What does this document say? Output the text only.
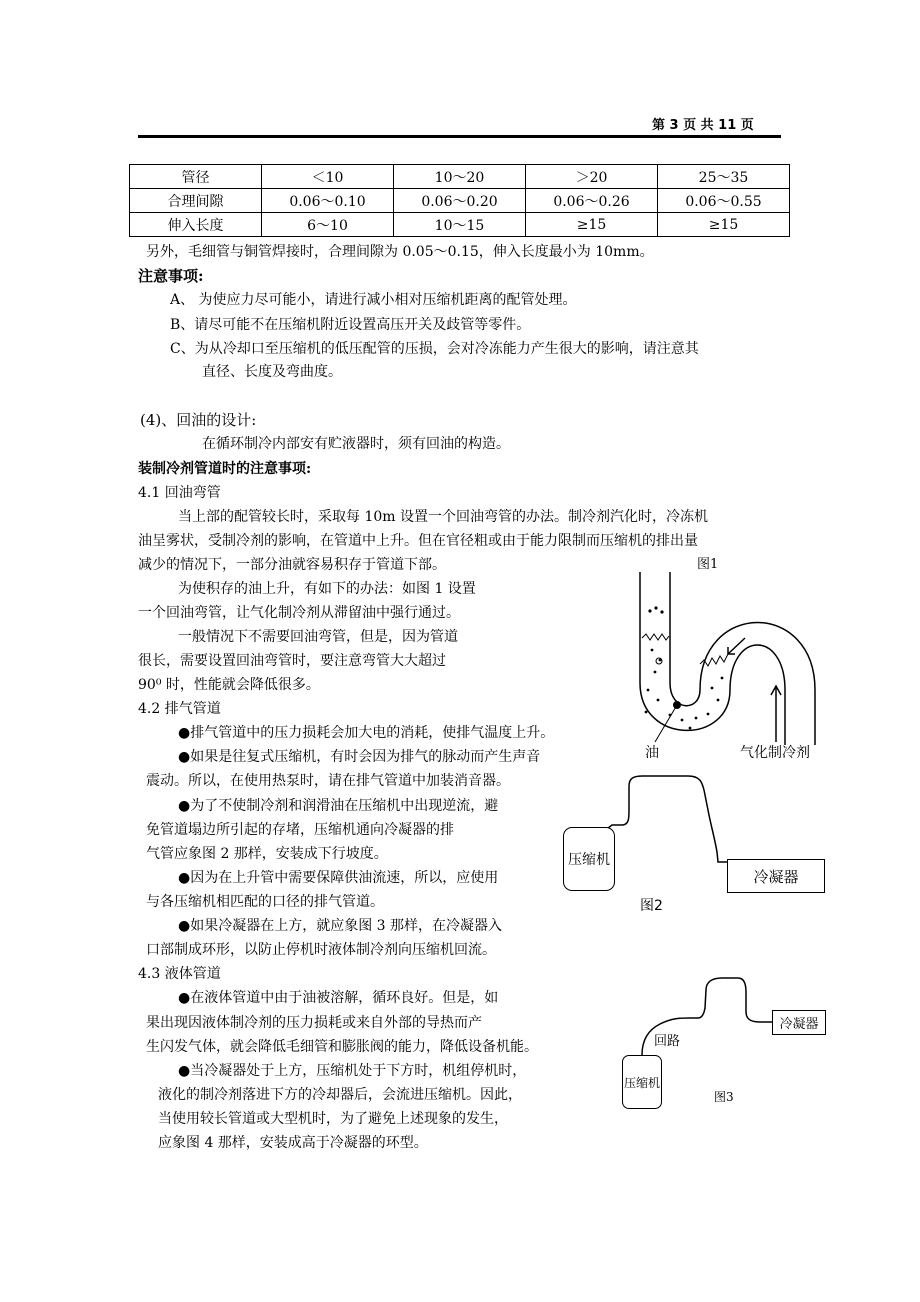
第 3 页 共 11 页
管径	＜10	10～20	＞20	25～35
合理间隙	0.06～0.10	0.06～0.20	0.06～0.26	0.06～0.55
伸入长度	6～10	10～15	≥15	≥15
另外，毛细管与铜管焊接时，合理间隙为 0.05～0.15，伸入长度最小为 10mm。
注意事项:
A、 为使应力尽可能小，请进行减小相对压缩机距离的配管处理。
B、请尽可能不在压缩机附近设置高压开关及歧管等零件。
C、为从冷却口至压缩机的低压配管的压损，会对冷冻能力产生很大的影响，请注意其
直径、长度及弯曲度。
(4)、回油的设计:
在循环制冷内部安有贮液器时，须有回油的构造。
装制冷剂管道时的注意事项:
4.1 回油弯管
当上部的配管较长时，采取每 10m 设置一个回油弯管的办法。制冷剂汽化时，冷冻机
油呈雾状，受制冷剂的影响，在管道中上升。但在官径粗或由于能力限制而压缩机的排出量
减少的情况下，一部分油就容易积存于管道下部。
为使积存的油上升，有如下的办法：如图 1 设置
一个回油弯管，让气化制冷剂从滞留油中强行通过。
一般情况下不需要回油弯管，但是，因为管道
很长，需要设置回油弯管时，要注意弯管大大超过
90⁰ 时，性能就会降低很多。
4.2 排气管道
●排气管道中的压力损耗会加大电的消耗，使排气温度上升。
●如果是往复式压缩机，有时会因为排气的脉动而产生声音
震动。所以，在使用热泵时，请在排气管道中加装消音器。
●为了不使制冷剂和润滑油在压缩机中出现逆流，避
免管道塌边所引起的存堵，压缩机通向冷凝器的排
气管应象图 2 那样，安装成下行坡度。
●因为在上升管中需要保障供油流速，所以，应使用
与各压缩机相匹配的口径的排气管道。
●如果冷凝器在上方，就应象图 3 那样，在冷凝器入
口部制成环形，以防止停机时液体制冷剂向压缩机回流。
4.3 液体管道
●在液体管道中由于油被溶解，循环良好。但是，如
果出现因液体制冷剂的压力损耗或来自外部的导热而产
生闪发气体，就会降低毛细管和膨胀阀的能力，降低设备机能。
●当冷凝器处于上方，压缩机处于下方时，机组停机时，
液化的制冷剂落进下方的冷却器后，会流进压缩机。因此，
当使用较长管道或大型机时，为了避免上述现象的发生，
应象图 4 那样，安装成高于冷凝器的环型。
图1
油	气化制冷剂
压缩机
冷凝器
图2
回路
压缩机
冷凝器
图3
